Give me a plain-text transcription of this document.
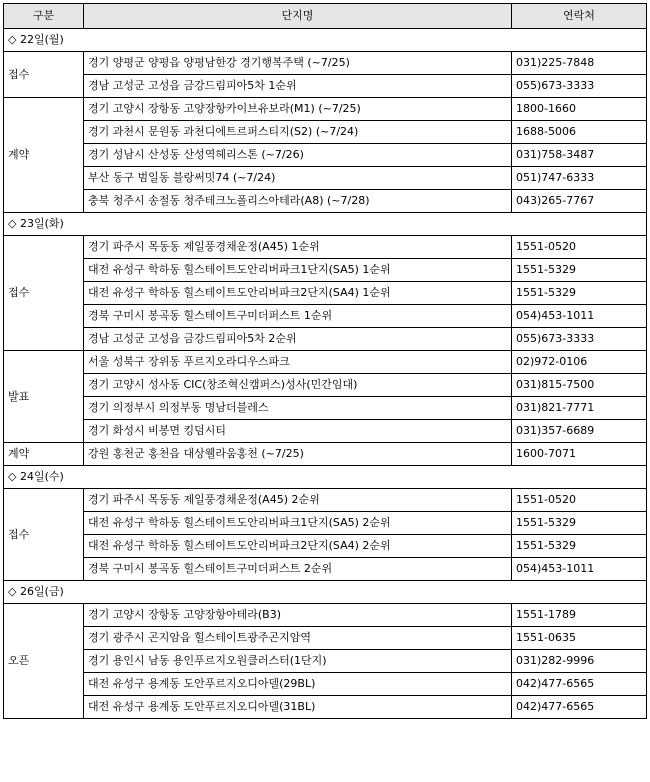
구분	단지명	연락처
◇ 22일(월)		
접수	경기 양평군 양평읍 양평남한강 경기행복주택 (~7/25)	031)225-7848
	경남 고성군 고성읍 금강드림피아5차 1순위	055)673-3333
계약	경기 고양시 장항동 고양장항카이브유보라(M1) (~7/25)	1800-1660
	경기 과천시 문원동 과천디에트르퍼스티지(S2) (~7/24)	1688-5006
	경기 성남시 산성동 산성역헤리스톤 (~7/26)	031)758-3487
	부산 동구 범일동 블랑써밋74 (~7/24)	051)747-6333
	충북 청주시 송절동 청주테크노폴리스아테라(A8) (~7/28)	043)265-7767
◇ 23일(화)		
접수	경기 파주시 목동동 제일풍경채운정(A45) 1순위	1551-0520
	대전 유성구 학하동 힐스테이트도안리버파크1단지(SA5) 1순위	1551-5329
	대전 유성구 학하동 힐스테이트도안리버파크2단지(SA4) 1순위	1551-5329
	경북 구미시 봉곡동 힐스테이트구미더퍼스트 1순위	054)453-1011
	경남 고성군 고성읍 금강드림피아5차 2순위	055)673-3333
발표	서울 성북구 장위동 푸르지오라디우스파크	02)972-0106
	경기 고양시 성사동 CIC(창조혁신캠퍼스)성사(민간임대)	031)815-7500
	경기 의정부시 의정부동 명남더블레스	031)821-7771
	경기 화성시 비봉면 킹덤시티	031)357-6689
계약	강원 홍천군 홍천읍 대상웰라움홍천 (~7/25)	1600-7071
◇ 24일(수)		
접수	경기 파주시 목동동 제일풍경채운정(A45) 2순위	1551-0520
	대전 유성구 학하동 힐스테이트도안리버파크1단지(SA5) 2순위	1551-5329
	대전 유성구 학하동 힐스테이트도안리버파크2단지(SA4) 2순위	1551-5329
	경북 구미시 봉곡동 힐스테이트구미더퍼스트 2순위	054)453-1011
◇ 26일(금)		
오픈	경기 고양시 장항동 고양장항아테라(B3)	1551-1789
	경기 광주시 곤지암읍 힐스테이트광주곤지암역	1551-0635
	경기 용인시 남동 용인푸르지오원클러스터(1단지)	031)282-9996
	대전 유성구 용계동 도안푸르지오디아델(29BL)	042)477-6565
	대전 유성구 용계동 도안푸르지오디아델(31BL)	042)477-6565
